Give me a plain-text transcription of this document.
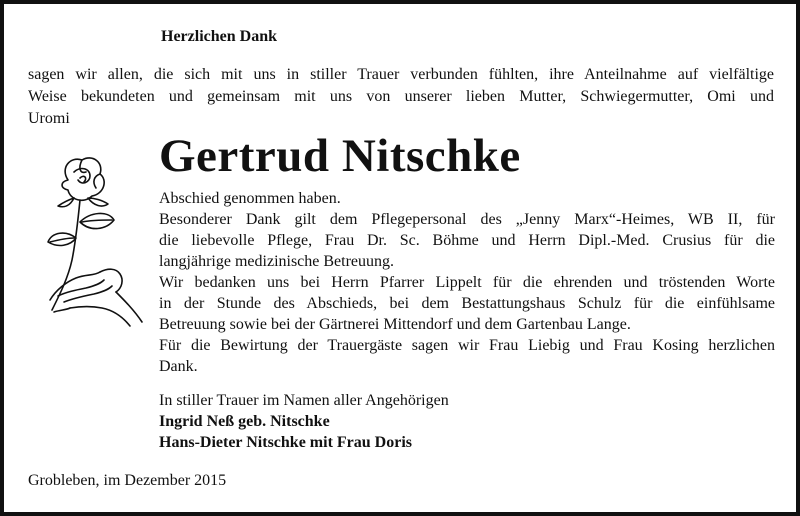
Herzlichen Dank
sagen wir allen, die sich mit uns in stiller Trauer verbunden fühlten, ihre Anteilnahme auf vielfältige
Weise bekundeten und gemeinsam mit uns von unserer lieben Mutter, Schwiegermutter, Omi und
Uromi
Gertrud Nitschke
Abschied genommen haben.
Besonderer Dank gilt dem Pflegepersonal des „Jenny Marx“-Heimes, WB II, für
die liebevolle Pflege, Frau Dr. Sc. Böhme und Herrn Dipl.-Med. Crusius für die
langjährige medizinische Betreuung.
Wir bedanken uns bei Herrn Pfarrer Lippelt für die ehrenden und tröstenden Worte
in der Stunde des Abschieds, bei dem Bestattungshaus Schulz für die einfühlsame
Betreuung sowie bei der Gärtnerei Mittendorf und dem Gartenbau Lange.
Für die Bewirtung der Trauergäste sagen wir Frau Liebig und Frau Kosing herzlichen
Dank.
In stiller Trauer im Namen aller Angehörigen
Ingrid Neß geb. Nitschke
Hans-Dieter Nitschke mit Frau Doris
Grobleben, im Dezember 2015
